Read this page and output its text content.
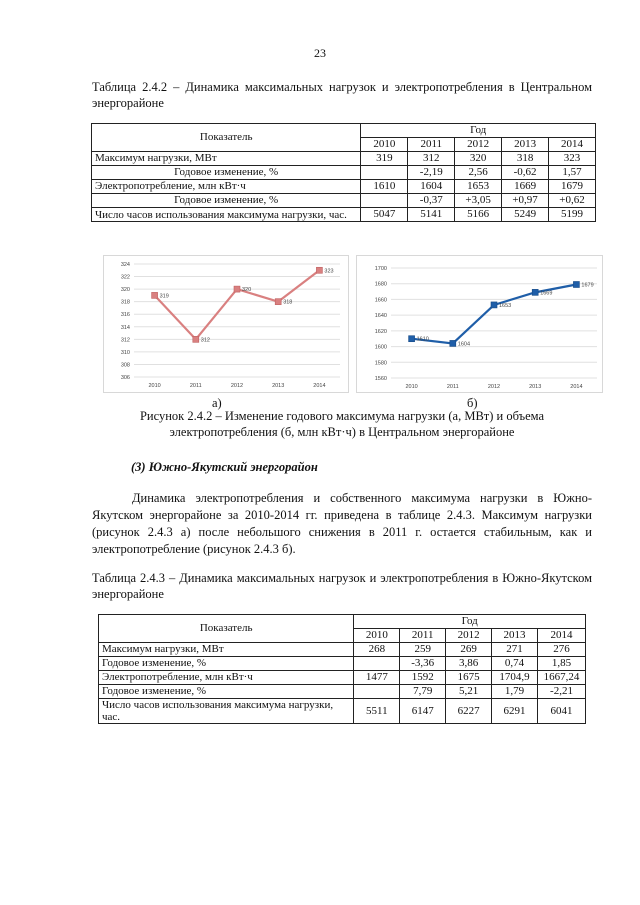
23
Таблица 2.4.2 – Динамика максимальных нагрузок и электропотребления в Центральном энергорайоне
Показатель	Год				
	2010	2011	2012	2013	2014
Максимум нагрузки, МВт	319	312	320	318	323
Годовое изменение, %		-2,19	2,56	-0,62	1,57
Электропотребление, млн кВт·ч	1610	1604	1653	1669	1679
Годовое изменение, %		-0,37	+3,05	+0,97	+0,62
Число часов использования максимума нагрузки, час.	5047	5141	5166	5249	5199
306
308
310
312
314
316
318
320
322
324
2010	2011	2012	2013	2014
319
312
320
318
323
1560
1580
1600
1620
1640
1660
1680
1700
2010	2011	2012	2013	2014
1610
1604
1653
1669
1679
а)	б)
Рисунок 2.4.2 – Изменение годового максимума нагрузки (а, МВт) и объема
электропотребления (б, млн кВт·ч) в Центральном энергорайоне
(3) Южно-Якутский энергорайон
Динамика электропотребления и собственного максимума нагрузки в Южно-Якутском энергорайоне за 2010-2014 гг. приведена в таблице 2.4.3. Максимум нагрузки (рисунок 2.4.3 а) после небольшого снижения в 2011 г. остается стабильным, как и электропотребление (рисунок 2.4.3 б).
Таблица 2.4.3 – Динамика максимальных нагрузок и электропотребления в Южно-Якутском энергорайоне
Показатель	Год				
	2010	2011	2012	2013	2014
Максимум нагрузки, МВт	268	259	269	271	276
Годовое изменение, %		-3,36	3,86	0,74	1,85
Электропотребление, млн кВт·ч	1477	1592	1675	1704,9	1667,24
Годовое изменение, %		7,79	5,21	1,79	-2,21
Число часов использования максимума нагрузки, час.	5511	6147	6227	6291	6041
